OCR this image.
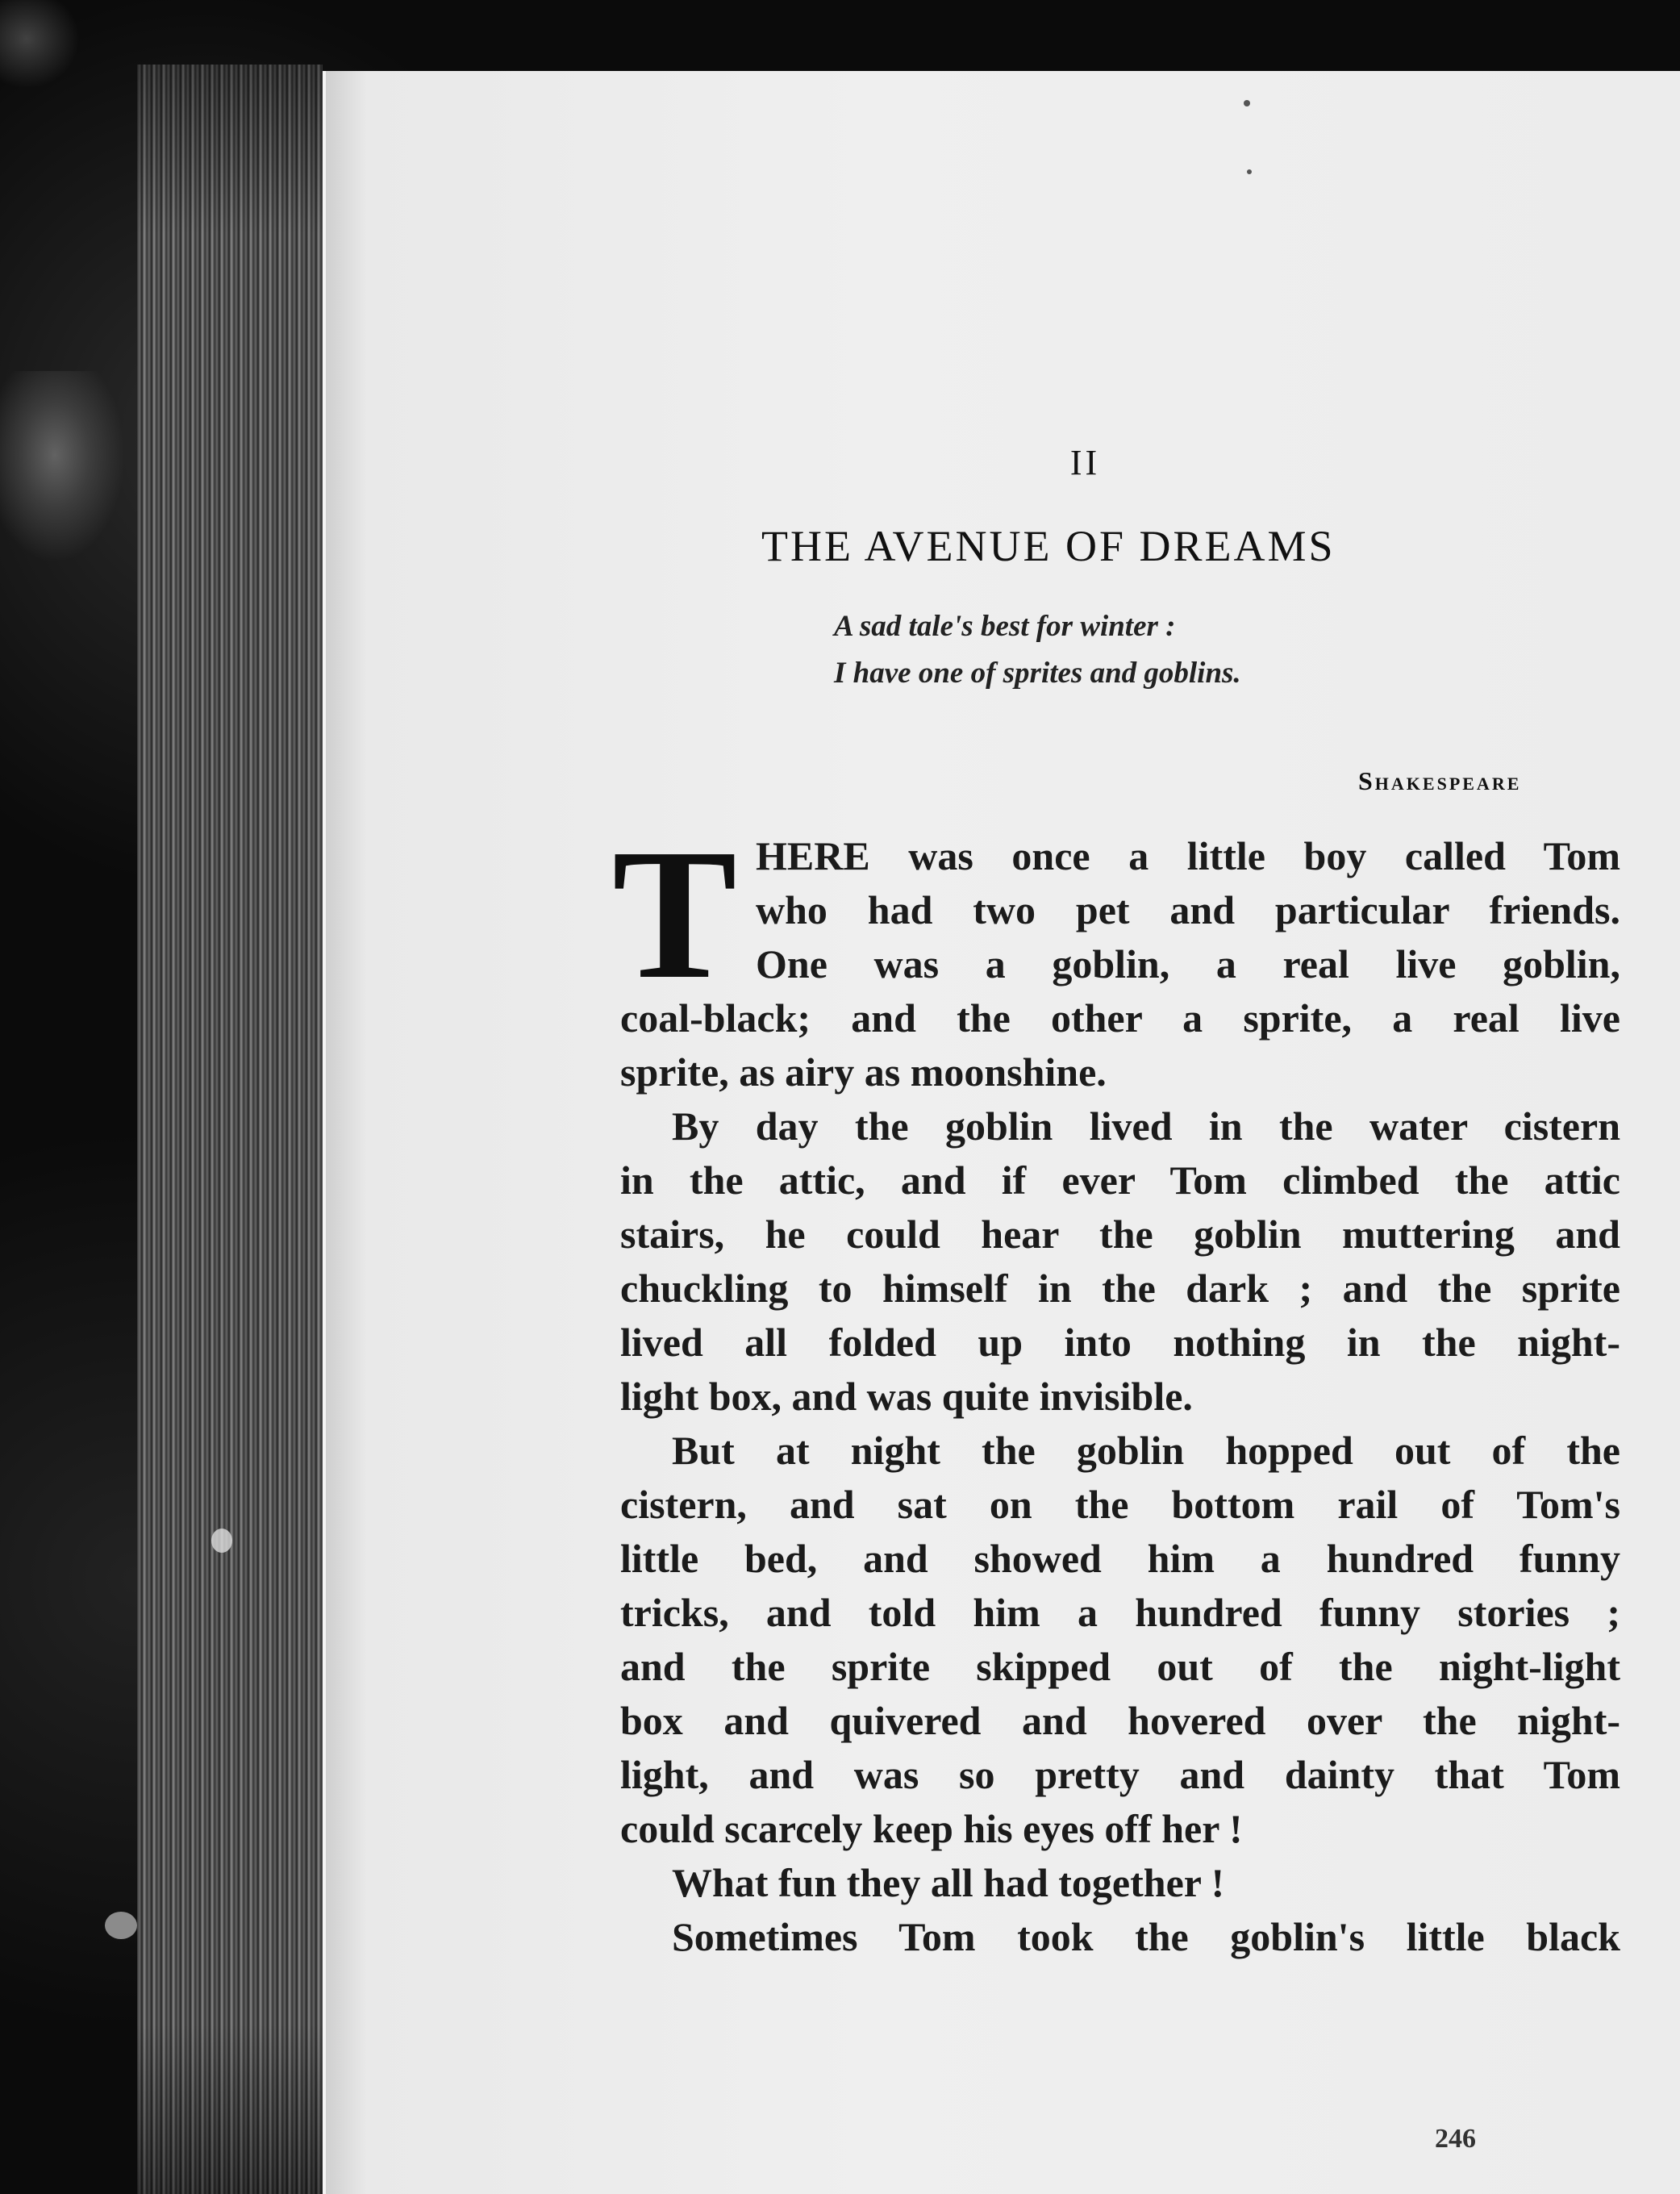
II
THE AVENUE OF DREAMS
A sad tale's best for winter :
I have one of sprites and goblins.
Shakespeare
T HERE was once a little boy called Tom
who had two pet and particular friends.
One was a goblin, a real live goblin,
coal-black; and the other a sprite, a real live
sprite, as airy as moonshine.
By day the goblin lived in the water cistern
in the attic, and if ever Tom climbed the attic
stairs, he could hear the goblin muttering and
chuckling to himself in the dark ; and the sprite
lived all folded up into nothing in the night-
light box, and was quite invisible.
But at night the goblin hopped out of the
cistern, and sat on the bottom rail of Tom's
little bed, and showed him a hundred funny
tricks, and told him a hundred funny stories ;
and the sprite skipped out of the night-light
box and quivered and hovered over the night-
light, and was so pretty and dainty that Tom
could scarcely keep his eyes off her !
What fun they all had together !
Sometimes Tom took the goblin's little black
246
